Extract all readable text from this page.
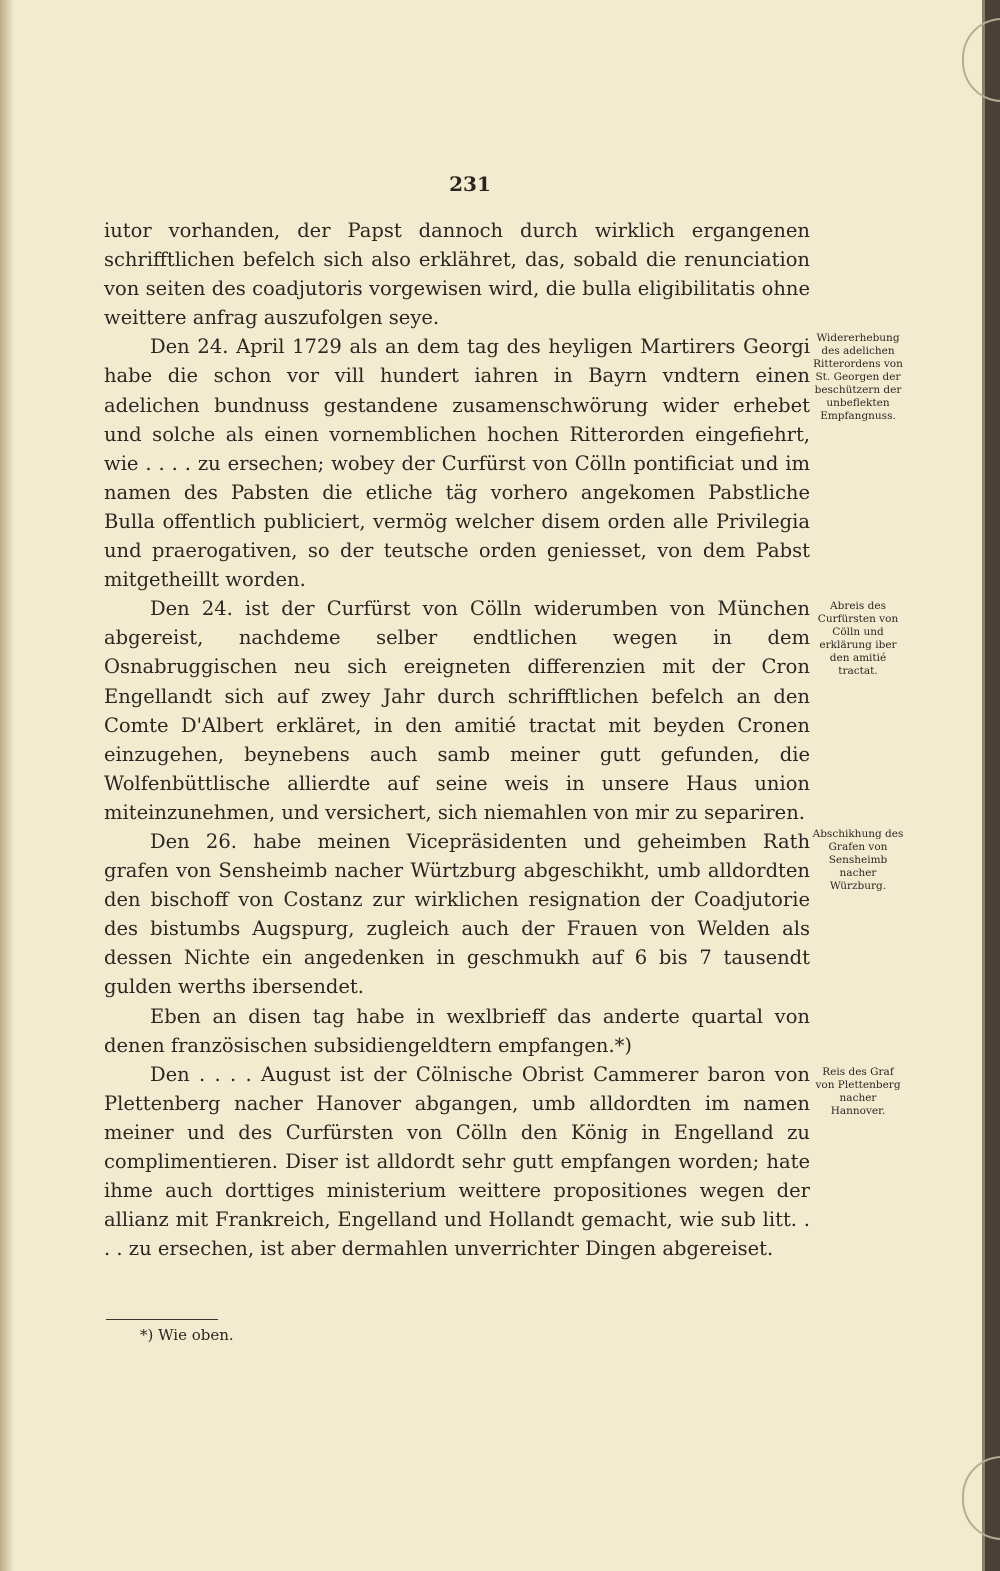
231

iutor vorhanden, der Papst dannoch durch wirklich ergangenen schrifftlichen befelch sich also erklähret, das, sobald die renunciation von seiten des coadjutoris vorgewisen wird, die bulla eligibilitatis ohne weittere anfrag auszufolgen seye.

Den 24. April 1729 als an dem tag des heyligen Martirers Georgi habe die schon vor vill hundert iahren in Bayrn vndtern einen adelichen bundnuss gestandene zusamenschwörung wider erhebet und solche als einen vornemblichen hochen Ritterorden eingefiehrt, wie . . . . zu ersechen; wobey der Curfürst von Cölln pontificiat und im namen des Pabsten die etliche täg vorhero angekomen Pabstliche Bulla offentlich publiciert, vermög welcher disem orden alle Privilegia und praerogativen, so der teutsche orden geniesset, von dem Pabst mitgetheillt worden.

Den 24. ist der Curfürst von Cölln widerumben von München abgereist, nachdeme selber endtlichen wegen in dem Osnabruggischen neu sich ereigneten differenzien mit der Cron Engellandt sich auf zwey Jahr durch schrifftlichen befelch an den Comte D'Albert erkläret, in den amitié tractat mit beyden Cronen einzugehen, beynebens auch samb meiner gutt gefunden, die Wolfenbüttlische allierdte auf seine weis in unsere Haus union miteinzunehmen, und versichert, sich niemahlen von mir zu separiren.

Den 26. habe meinen Vicepräsidenten und geheimben Rath grafen von Sensheimb nacher Würtzburg abgeschikht, umb alldordten den bischoff von Costanz zur wirklichen resignation der Coadjutorie des bistumbs Augspurg, zugleich auch der Frauen von Welden als dessen Nichte ein angedenken in geschmukh auf 6 bis 7 tausendt gulden werths ibersendet.

Eben an disen tag habe in wexlbrieff das anderte quartal von denen französischen subsidiengeldtern empfangen.*)

Den . . . . August ist der Cölnische Obrist Cammerer baron von Plettenberg nacher Hanover abgangen, umb alldordten im namen meiner und des Curfürsten von Cölln den König in Engelland zu complimentieren. Diser ist alldordt sehr gutt empfangen worden; hate ihme auch dorttiges ministerium weittere propositiones wegen der allianz mit Frankreich, Engelland und Hollandt gemacht, wie sub litt. . . . zu ersechen, ist aber dermahlen unverrichter Dingen abgereiset.

Widererhebung des adelichen Ritterordens von St. Georgen der beschützern der unbeflekten Empfangnuss.
Abreis des Curfürsten von Cölln und erklärung iber den amitié tractat.
Abschikhung des Grafen von Sensheimb nacher Würzburg.
Reis des Graf von Plettenberg nacher Hannover.
*) Wie oben.
